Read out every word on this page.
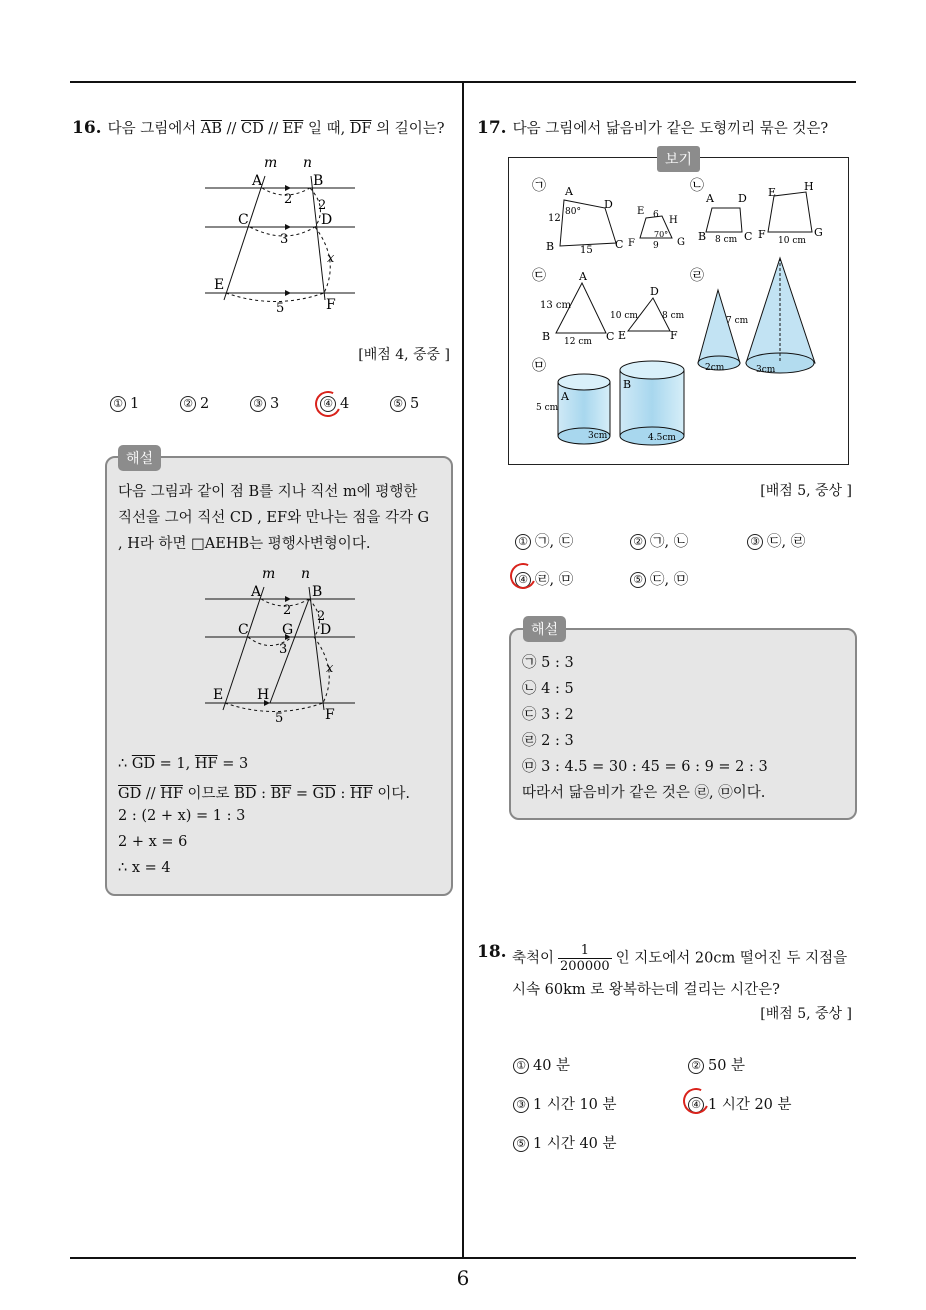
16. 다음 그림에서 $\overline{AB} // \overline{CD} // \overline{EF}$ 일 때, $\overline{DF}$ 의 길이는?
m n
A	B
C	D
E
F
2 2
3
x
5
[배점 4, 중중 ]
① 1	② 2	③ 3	④ 4	⑤ 5
해설
다음 그림과 같이 점 B를 지나 직선 m에 평행한
직선을 그어 직선 CD , EF와 만나는 점을 각각 G
, H라 하면 □AEHB는 평행사변형이다.
m n
A	B
C G D
E H
F
2 2
3
x
5
∴ $\overline{GD} = 1$, $\overline{HF} = 3$
$\overline{GD} // \overline{HF}$ 이므로 $\overline{BD}$ : $\overline{BF} = \overline{GD}$ : $\overline{HF}$ 이다.
2 : (2 + x) = 1 : 3
2 + x = 6
∴ x = 4
17. 다음 그림에서 닮음비가 같은 도형끼리 묶은 것은?
보기
㉠ A
D
B	C
12
80°
15
E 6 H
70°
F 9 G
㉡
A D
B 8 cm C
E	H
F 10 cm
G
㉢	A
13 cm
B 12 cm C
D
10 cm	8 cm
E	F
㉣
7 cm
2cm	3cm
㉤
A
5 cm
3cm
B
4.5cm
[배점 5, 중상 ]
① ㉠, ㉢	② ㉠, ㉡	③ ㉢, ㉣
④ ㉣, ㉤	⑤ ㉢, ㉤
해설
㉠ 5 : 3
㉡ 4 : 5
㉢ 3 : 2
㉣ 2 : 3
㉤ 3 : 4.5 = 30 : 45 = 6 : 9 = 2 : 3
따라서 닮음비가 같은 것은 ㉣, ㉤이다.
18. 축척이 $\frac{1}{200000}$ 인 지도에서 20cm 떨어진 두 지점을
시속 60km 로 왕복하는데 걸리는 시간은?
[배점 5, 중상 ]
① 40 분	② 50 분
③ 1 시간 10 분	④ 1 시간 20 분
⑤ 1 시간 40 분
6
